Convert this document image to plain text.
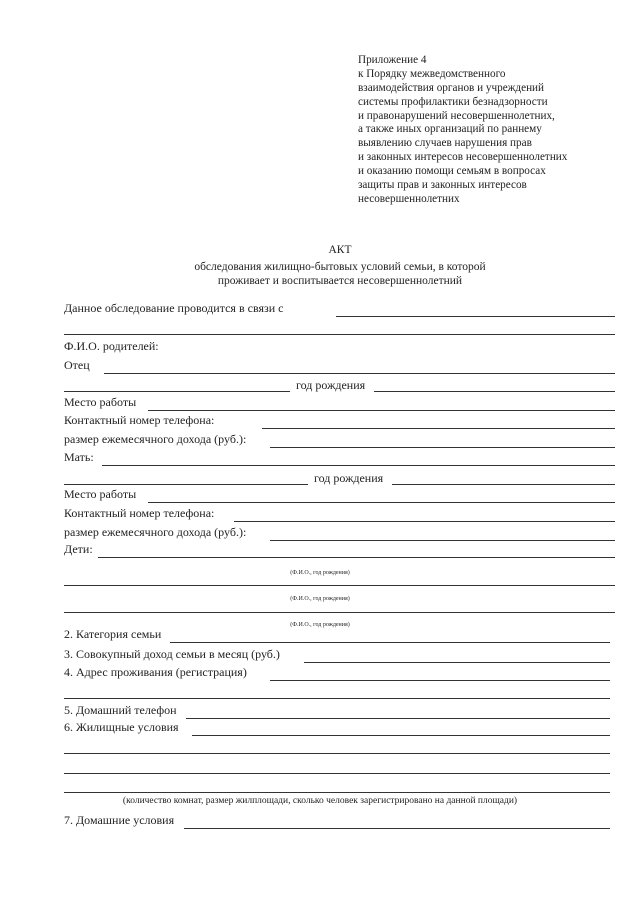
Приложение 4
к Порядку межведомственного
взаимодействия органов и учреждений
системы профилактики безнадзорности
и правонарушений несовершеннолетних,
а также иных организаций по раннему
выявлению случаев нарушения прав
и законных интересов несовершеннолетних
и оказанию помощи семьям в вопросах
защиты прав и законных интересов
несовершеннолетних
АКТ
обследования жилищно-бытовых условий семьи, в которой
проживает и воспитывается несовершеннолетний
Данное обследование проводится в связи с
Ф.И.О. родителей:
Отец
год рождения
Место работы
Контактный номер телефона:
размер ежемесячного дохода (руб.):
Мать:
год рождения
Место работы
Контактный номер телефона:
размер ежемесячного дохода (руб.):
Дети:
(Ф.И.О., год рождения)
(Ф.И.О., год рождения)
(Ф.И.О., год рождения)
2. Категория семьи
3. Совокупный доход семьи в месяц (руб.)
4. Адрес проживания (регистрация)
5. Домашний телефон
6. Жилищные условия
(количество комнат, размер жилплощади, сколько человек зарегистрировано на данной площади)
7. Домашние условия
